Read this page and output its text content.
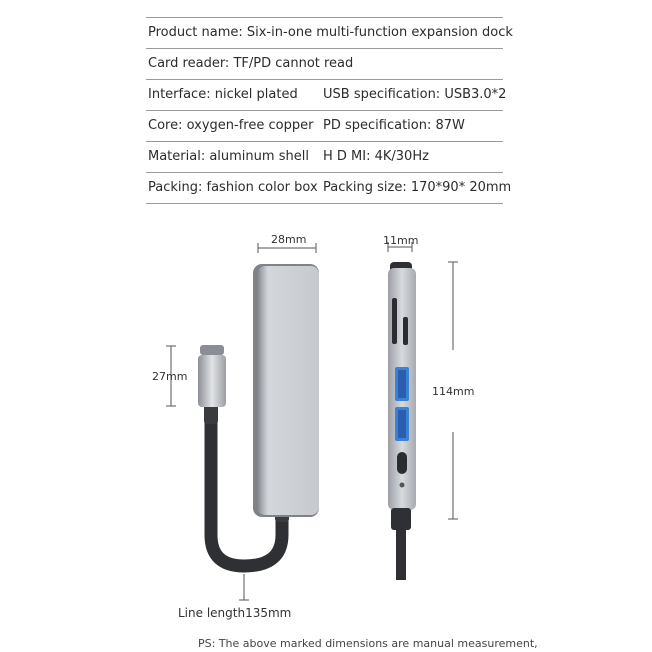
Product name: Six-in-one multi-function expansion dock
Card reader: TF/PD cannot read
Interface: nickel plated USB specification: USB3.0*2
Core: oxygen-free copper PD specification: 87W
Material: aluminum shell H D MI: 4K/30Hz
Packing: fashion color box Packing size: 170*90* 20mm
28mm	11mm
27mm
114mm
Line length135mm
PS: The above marked dimensions are manual measurement,
